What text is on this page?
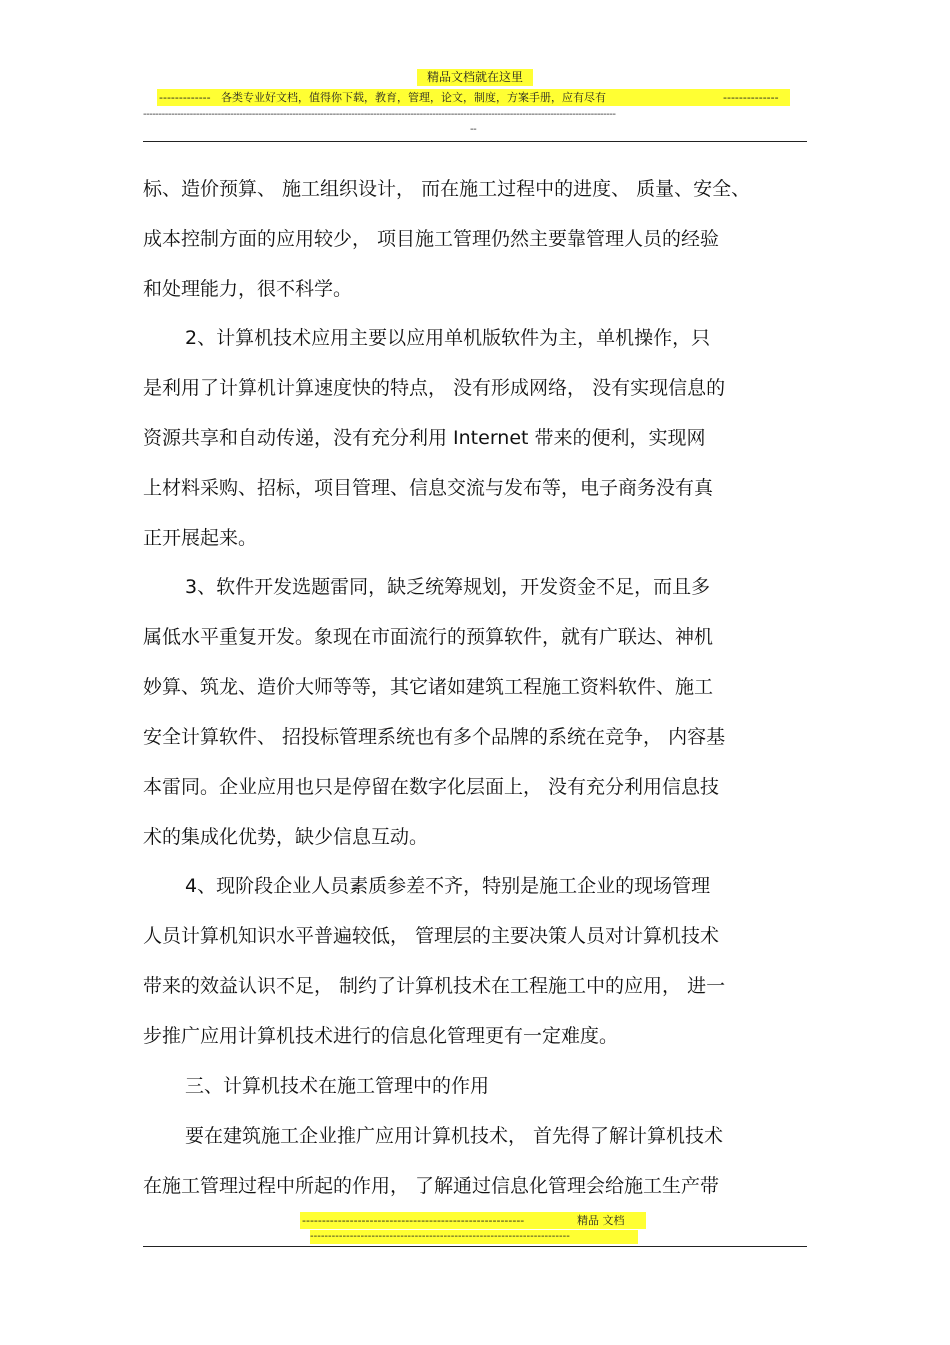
精品文档就在这里
------------- 各类专业好文档，值得你下载，教育，管理，论文，制度，方案手册，应有尽有	--------------
--------------------------------------------------------------------------------------------------------------------------------------------------------
--
标、造价预算、 施工组织设计， 而在施工过程中的进度、 质量、安全、
成本控制方面的应用较少， 项目施工管理仍然主要靠管理人员的经验
和处理能力，很不科学。
2、计算机技术应用主要以应用单机版软件为主，单机操作，只
是利用了计算机计算速度快的特点， 没有形成网络， 没有实现信息的
资源共享和自动传递，没有充分利用 Internet 带来的便利，实现网
上材料采购、招标，项目管理、信息交流与发布等，电子商务没有真
正开展起来。
3、软件开发选题雷同，缺乏统筹规划，开发资金不足，而且多
属低水平重复开发。象现在市面流行的预算软件，就有广联达、神机
妙算、筑龙、造价大师等等，其它诸如建筑工程施工资料软件、施工
安全计算软件、 招投标管理系统也有多个品牌的系统在竞争， 内容基
本雷同。企业应用也只是停留在数字化层面上， 没有充分利用信息技
术的集成化优势，缺少信息互动。
4、现阶段企业人员素质参差不齐，特别是施工企业的现场管理
人员计算机知识水平普遍较低， 管理层的主要决策人员对计算机技术
带来的效益认识不足， 制约了计算机技术在工程施工中的应用， 进一
步推广应用计算机技术进行的信息化管理更有一定难度。
三、计算机技术在施工管理中的作用
要在建筑施工企业推广应用计算机技术， 首先得了解计算机技术
在施工管理过程中所起的作用， 了解通过信息化管理会给施工生产带
--------------------------------------------------------	精品 文档
------------------------------------------------------------------------
